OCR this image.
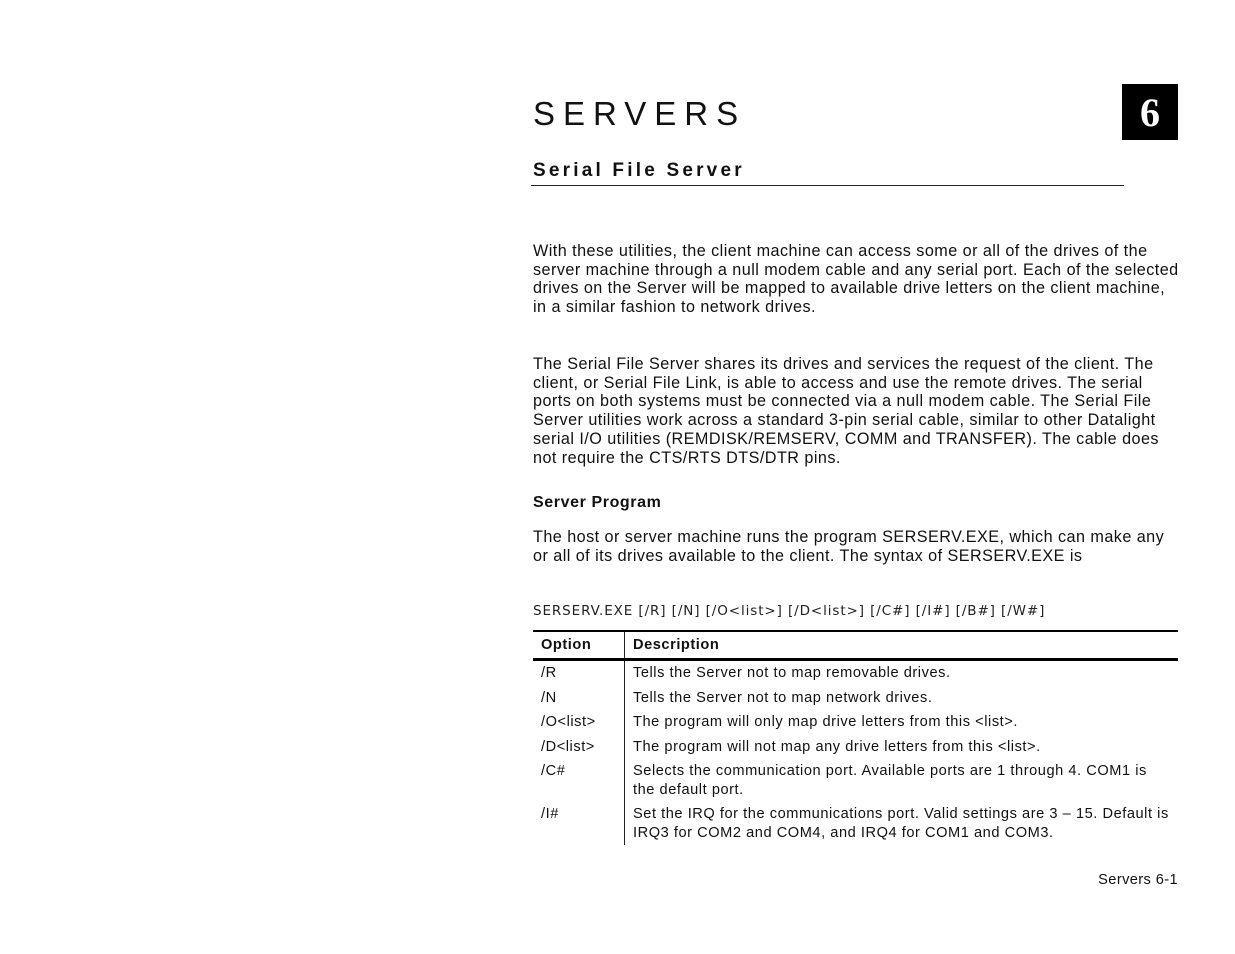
SERVERS	6
Serial File Server

With these utilities, the client machine can access some or all of the drives of the server machine through a null modem cable and any serial port. Each of the selected drives on the Server will be mapped to available drive letters on the client machine, in a similar fashion to network drives.

The Serial File Server shares its drives and services the request of the client. The client, or Serial File Link, is able to access and use the remote drives. The serial ports on both systems must be connected via a null modem cable. The Serial File Server utilities work across a standard 3-pin serial cable, similar to other Datalight serial I/O utilities (REMDISK/REMSERV, COMM and TRANSFER). The cable does not require the CTS/RTS DTS/DTR pins.

Server Program

The host or server machine runs the program SERSERV.EXE, which can make any or all of its drives available to the client. The syntax of SERSERV.EXE is

SERSERV.EXE [/R] [/N] [/O<list>] [/D<list>] [/C#] [/I#] [/B#] [/W#]

Option	Description
/R	Tells the Server not to map removable drives.
/N	Tells the Server not to map network drives.
/O<list>	The program will only map drive letters from this <list>.
/D<list>	The program will not map any drive letters from this <list>.
/C#	Selects the communication port. Available ports are 1 through 4. COM1 is the default port.
/I#	Set the IRQ for the communications port. Valid settings are 3 – 15. Default is IRQ3 for COM2 and COM4, and IRQ4 for COM1 and COM3.

Servers 6-1
